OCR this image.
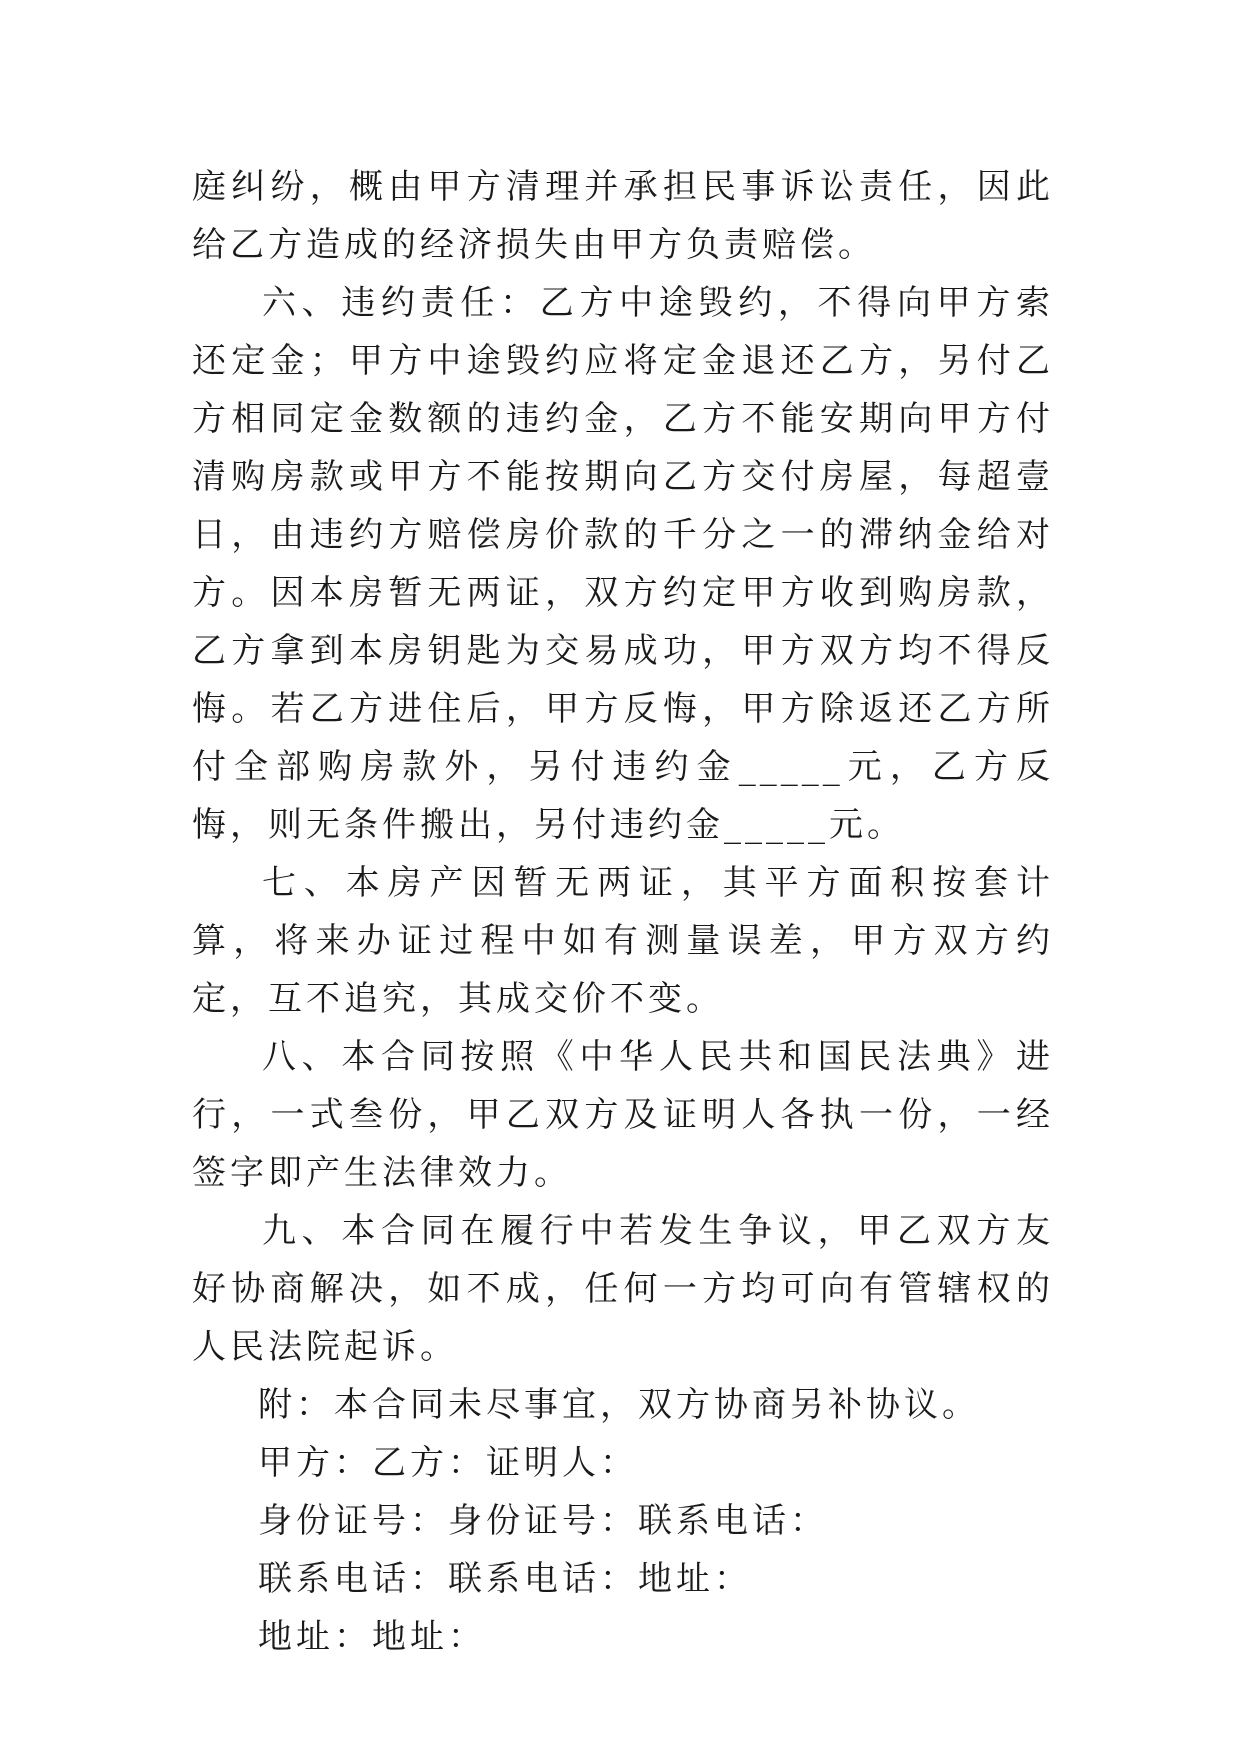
庭纠纷，概由甲方清理并承担民事诉讼责任，因此给乙方造成的经济损失由甲方负责赔偿。

六、违约责任：乙方中途毁约，不得向甲方索还定金；甲方中途毁约应将定金退还乙方，另付乙方相同定金数额的违约金，乙方不能安期向甲方付清购房款或甲方不能按期向乙方交付房屋，每超壹日，由违约方赔偿房价款的千分之一的滞纳金给对方。因本房暂无两证，双方约定甲方收到购房款，乙方拿到本房钥匙为交易成功，甲方双方均不得反悔。若乙方进住后，甲方反悔，甲方除返还乙方所付全部购房款外，另付违约金_____元，乙方反悔，则无条件搬出，另付违约金_____元。

七、本房产因暂无两证，其平方面积按套计算，将来办证过程中如有测量误差，甲方双方约定，互不追究，其成交价不变。

八、本合同按照《中华人民共和国民法典》进行，一式叁份，甲乙双方及证明人各执一份，一经签字即产生法律效力。

九、本合同在履行中若发生争议，甲乙双方友好协商解决，如不成，任何一方均可向有管辖权的人民法院起诉。

附：本合同未尽事宜，双方协商另补协议。

甲方：乙方：证明人：

身份证号：身份证号：联系电话：

联系电话：联系电话：地址：

地址：地址：
